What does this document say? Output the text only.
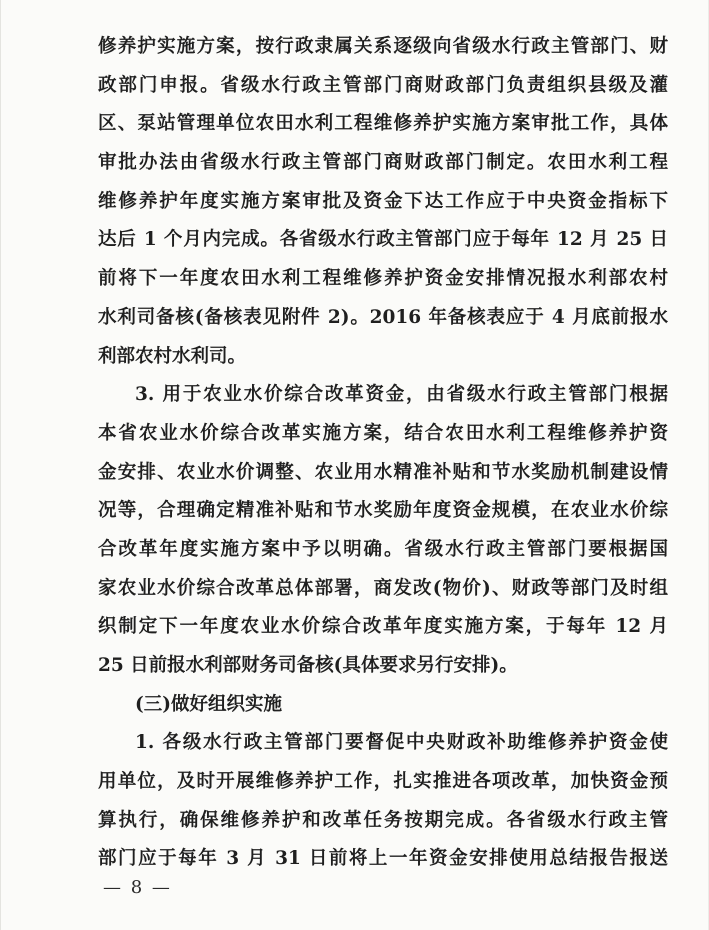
修养护实施方案，按行政隶属关系逐级向省级水行政主管部门、财
政部门申报。省级水行政主管部门商财政部门负责组织县级及灌
区、泵站管理单位农田水利工程维修养护实施方案审批工作，具体
审批办法由省级水行政主管部门商财政部门制定。农田水利工程
维修养护年度实施方案审批及资金下达工作应于中央资金指标下
达后 1 个月内完成。各省级水行政主管部门应于每年 12 月 25 日
前将下一年度农田水利工程维修养护资金安排情况报水利部农村
水利司备核(备核表见附件 2)。2016 年备核表应于 4 月底前报水
利部农村水利司。
3. 用于农业水价综合改革资金，由省级水行政主管部门根据
本省农业水价综合改革实施方案，结合农田水利工程维修养护资
金安排、农业水价调整、农业用水精准补贴和节水奖励机制建设情
况等，合理确定精准补贴和节水奖励年度资金规模，在农业水价综
合改革年度实施方案中予以明确。省级水行政主管部门要根据国
家农业水价综合改革总体部署，商发改(物价)、财政等部门及时组
织制定下一年度农业水价综合改革年度实施方案，于每年 12 月
25 日前报水利部财务司备核(具体要求另行安排)。
(三)做好组织实施
1. 各级水行政主管部门要督促中央财政补助维修养护资金使
用单位，及时开展维修养护工作，扎实推进各项改革，加快资金预
算执行，确保维修养护和改革任务按期完成。各省级水行政主管
部门应于每年 3 月 31 日前将上一年资金安排使用总结报告报送
— 8 —
